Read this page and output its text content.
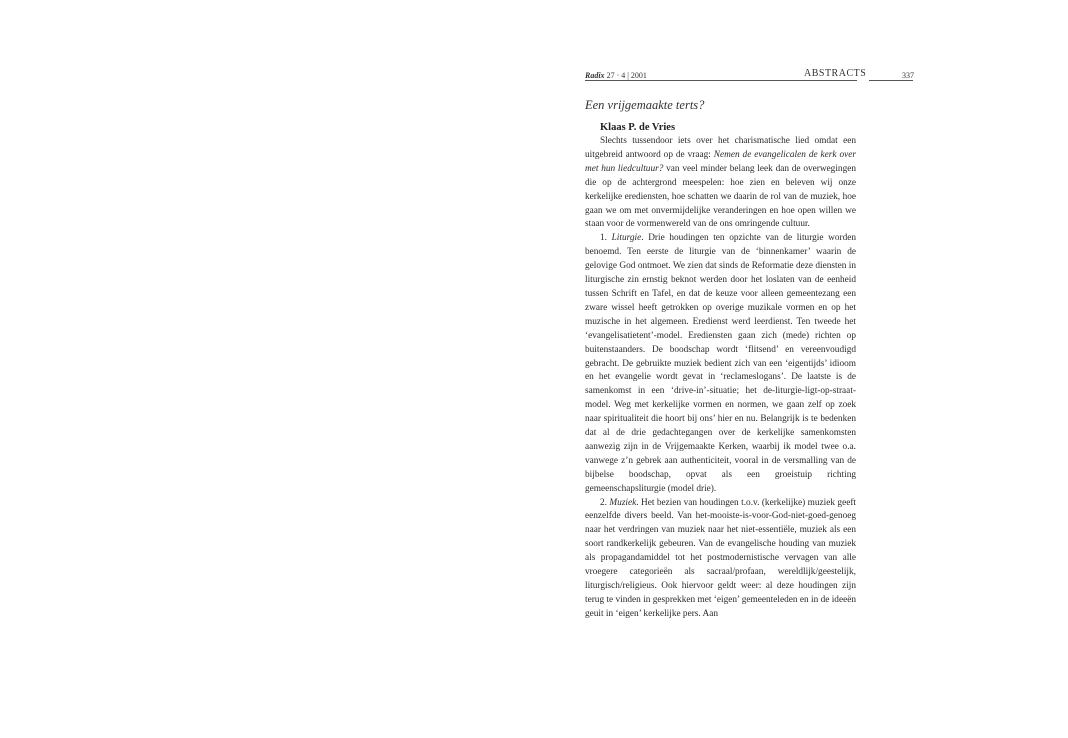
Radix 27 · 4 | 2001	ABSTRACTS	337
Een vrijgemaakte terts?
Klaas P. de Vries

Slechts tussendoor iets over het charismatische lied omdat een uitgebreid antwoord op de vraag: Nemen de evangelicalen de kerk over met hun liedcultuur? van veel minder belang leek dan de overwegingen die op de achtergrond meespelen: hoe zien en beleven wij onze kerkelijke erediensten, hoe schatten we daarin de rol van de muziek, hoe gaan we om met onvermijdelijke veranderingen en hoe open willen we staan voor de vormenwereld van de ons omringende cultuur.

1. Liturgie. Drie houdingen ten opzichte van de liturgie worden benoemd. Ten eerste de liturgie van de ‘binnenkamer’ waarin de gelovige God ontmoet. We zien dat sinds de Reformatie deze diensten in liturgische zin ernstig beknot werden door het loslaten van de eenheid tussen Schrift en Tafel, en dat de keuze voor alleen gemeentezang een zware wissel heeft getrokken op overige muzikale vormen en op het muzische in het algemeen. Eredienst werd leerdienst. Ten tweede het ‘evangelisatietent’-model. Erediensten gaan zich (mede) richten op buitenstaanders. De boodschap wordt ‘flitsend’ en vereenvoudigd gebracht. De gebruikte muziek bedient zich van een ‘eigentijds’ idioom en het evangelie wordt gevat in ‘reclameslogans’. De laatste is de samenkomst in een ‘drive-in’-situatie; het de-liturgie-ligt-op-straat-model. Weg met kerkelijke vormen en normen, we gaan zelf op zoek naar spiritualiteit die hoort bij ons’ hier en nu. Belangrijk is te bedenken dat al de drie gedachtegangen over de kerkelijke samenkomsten aanwezig zijn in de Vrijgemaakte Kerken, waarbij ik model twee o.a. vanwege z’n gebrek aan authenticiteit, vooral in de versmalling van de bijbelse boodschap, opvat als een groeistuip richting gemeenschapsliturgie (model drie).

2. Muziek. Het bezien van houdingen t.o.v. (kerkelijke) muziek geeft eenzelfde divers beeld. Van het-mooiste-is-voor-God-niet-goed-genoeg naar het verdringen van muziek naar het niet-essentiële, muziek als een soort randkerkelijk gebeuren. Van de evangelische houding van muziek als propagandamiddel tot het postmodernistische vervagen van alle vroegere categorieën als sacraal/profaan, wereldlijk/geestelijk, liturgisch/religieus. Ook hiervoor geldt weer: al deze houdingen zijn terug te vinden in gesprekken met ‘eigen’ gemeenteleden en in de ideeën geuit in ‘eigen’ kerkelijke pers. Aan
